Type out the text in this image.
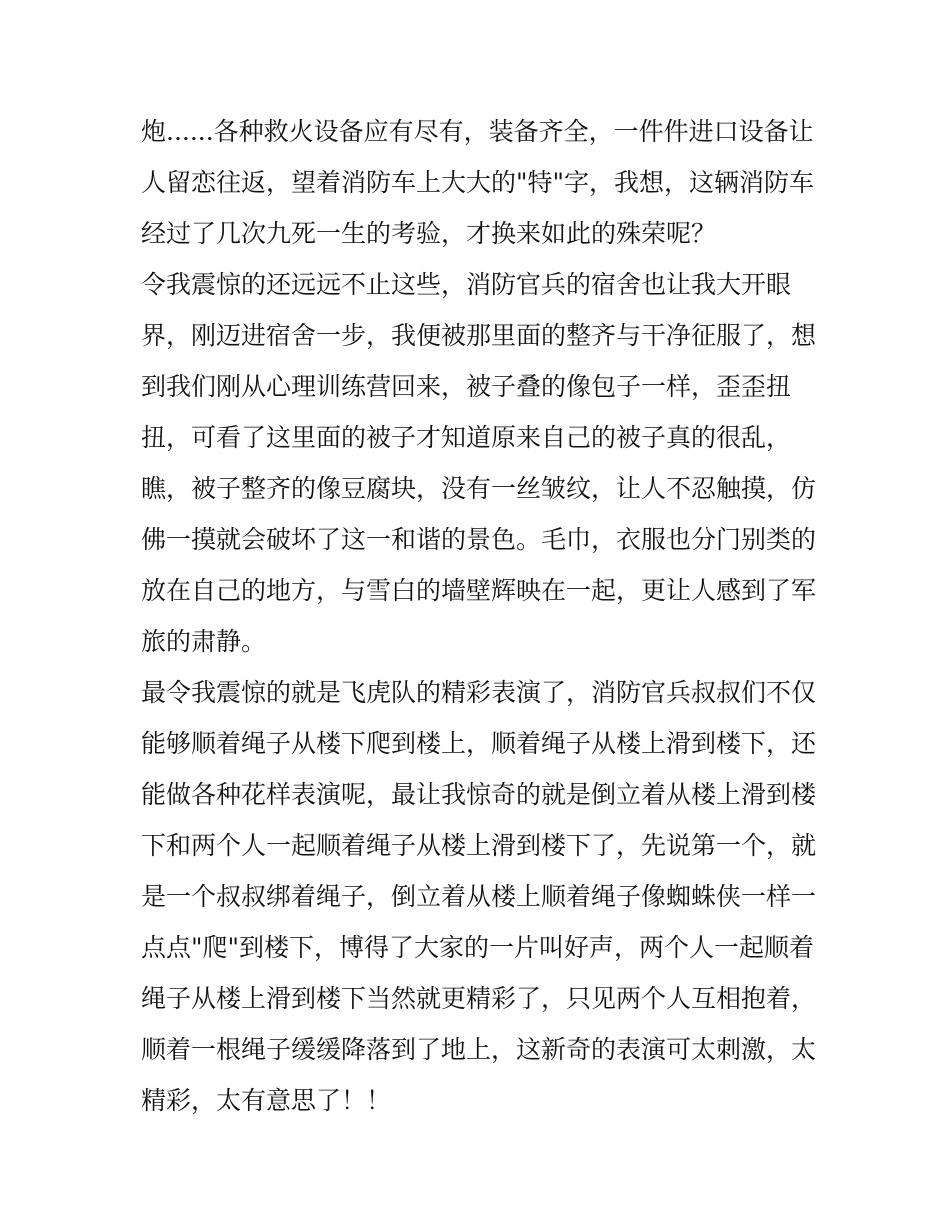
炮......各种救火设备应有尽有，装备齐全，一件件进口设备让
人留恋往返，望着消防车上大大的"特"字，我想，这辆消防车
经过了几次九死一生的考验，才换来如此的殊荣呢？
令我震惊的还远远不止这些，消防官兵的宿舍也让我大开眼
界，刚迈进宿舍一步，我便被那里面的整齐与干净征服了，想
到我们刚从心理训练营回来，被子叠的像包子一样，歪歪扭
扭，可看了这里面的被子才知道原来自己的被子真的很乱，
瞧，被子整齐的像豆腐块，没有一丝皱纹，让人不忍触摸，仿
佛一摸就会破坏了这一和谐的景色。毛巾，衣服也分门别类的
放在自己的地方，与雪白的墙壁辉映在一起，更让人感到了军
旅的肃静。
最令我震惊的就是飞虎队的精彩表演了，消防官兵叔叔们不仅
能够顺着绳子从楼下爬到楼上，顺着绳子从楼上滑到楼下，还
能做各种花样表演呢，最让我惊奇的就是倒立着从楼上滑到楼
下和两个人一起顺着绳子从楼上滑到楼下了，先说第一个，就
是一个叔叔绑着绳子，倒立着从楼上顺着绳子像蜘蛛侠一样一
点点"爬"到楼下，博得了大家的一片叫好声，两个人一起顺着
绳子从楼上滑到楼下当然就更精彩了，只见两个人互相抱着，
顺着一根绳子缓缓降落到了地上，这新奇的表演可太刺激，太
精彩，太有意思了！！
